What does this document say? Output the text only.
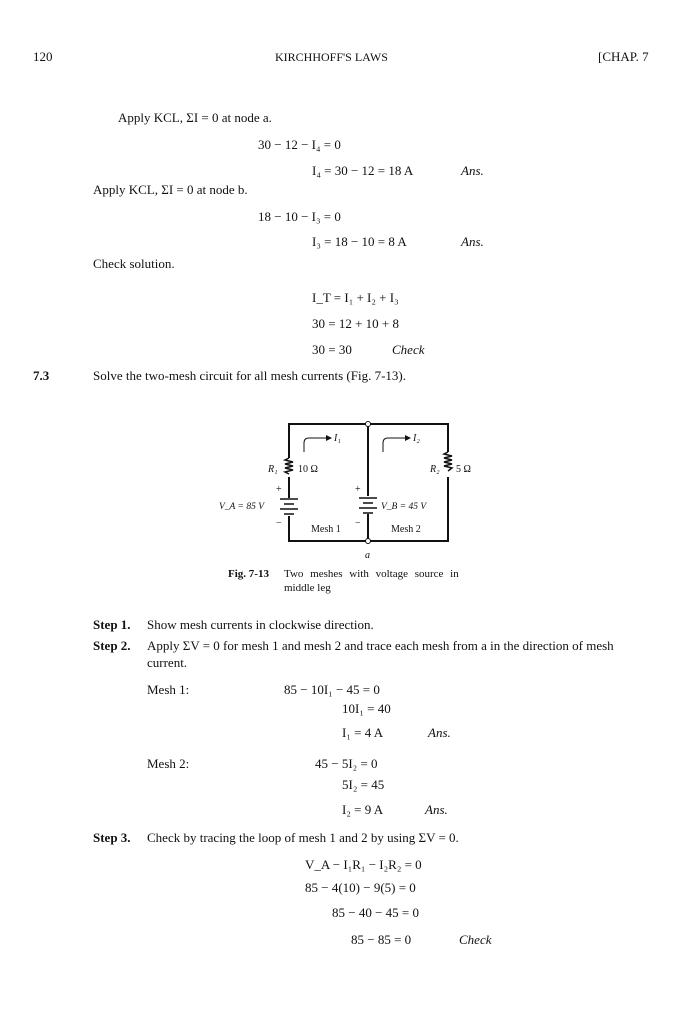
120	KIRCHHOFF'S LAWS	[CHAP. 7
Apply KCL, ΣI = 0 at node a.
30 − 12 − I₄ = 0
I₄ = 30 − 12 = 18 A	Ans.
Apply KCL, ΣI = 0 at node b.
18 − 10 − I₃ = 0
I₃ = 18 − 10 = 8 A	Ans.
Check solution.
I_T = I₁ + I₂ + I₃
30 = 12 + 10 + 8
30 = 30	Check
7.3	Solve the two-mesh circuit for all mesh currents (Fig. 7-13).
I₁	I₂
R₁ 10 Ω	R₂ 5 Ω
+	+
−	−
V_A = 85 V	V_B = 45 V
Mesh 1	Mesh 2
a
Fig. 7-13 Two meshes with voltage source in
middle leg
Step 1. Show mesh currents in clockwise direction.
Step 2. Apply ΣV = 0 for mesh 1 and mesh 2 and trace each mesh from a in the direction of mesh
current.
Mesh 1:	85 − 10I₁ − 45 = 0
10I₁ = 40
I₁ = 4 A	Ans.
Mesh 2:	45 − 5I₂ = 0
5I₂ = 45
I₂ = 9 A	Ans.
Step 3. Check by tracing the loop of mesh 1 and 2 by using ΣV = 0.
V_A − I₁R₁ − I₂R₂ = 0
85 − 4(10) − 9(5) = 0
85 − 40 − 45 = 0
85 − 85 = 0	Check
